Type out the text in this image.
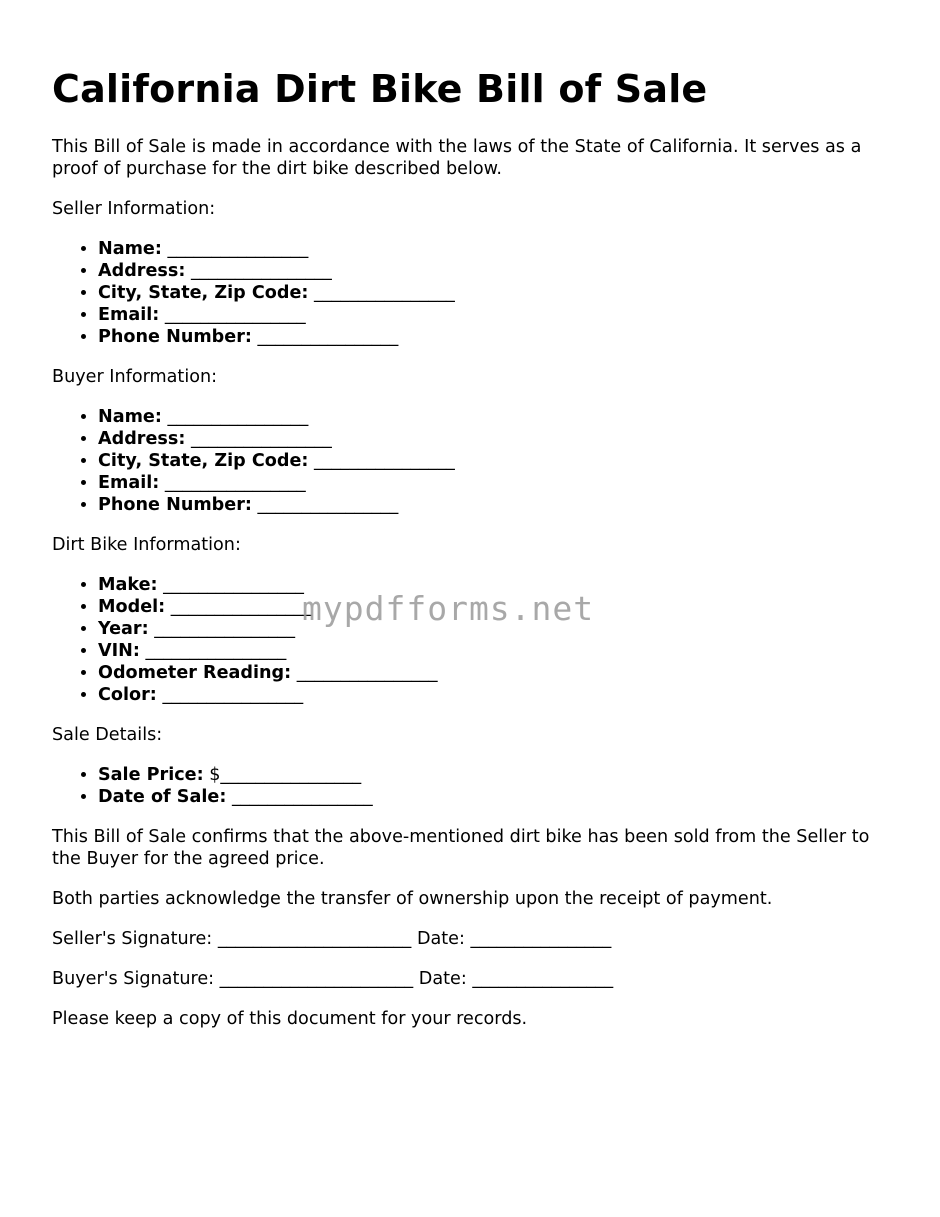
California Dirt Bike Bill of Sale

This Bill of Sale is made in accordance with the laws of the State of California. It serves as a proof of purchase for the dirt bike described below.

Seller Information:

• Name: ________________
• Address: ________________
• City, State, Zip Code: ________________
• Email: ________________
• Phone Number: ________________

Buyer Information:

• Name: ________________
• Address: ________________
• City, State, Zip Code: ________________
• Email: ________________
• Phone Number: ________________

Dirt Bike Information:

• Make: ________________
• Model: ________________
• Year: ________________
• VIN: ________________
• Odometer Reading: ________________
• Color: ________________

Sale Details:

• Sale Price: $________________
• Date of Sale: ________________

This Bill of Sale confirms that the above-mentioned dirt bike has been sold from the Seller to the Buyer for the agreed price.

Both parties acknowledge the transfer of ownership upon the receipt of payment.

Seller's Signature: ______________________ Date: ________________

Buyer's Signature: ______________________ Date: ________________

Please keep a copy of this document for your records.

mypdfforms.net
